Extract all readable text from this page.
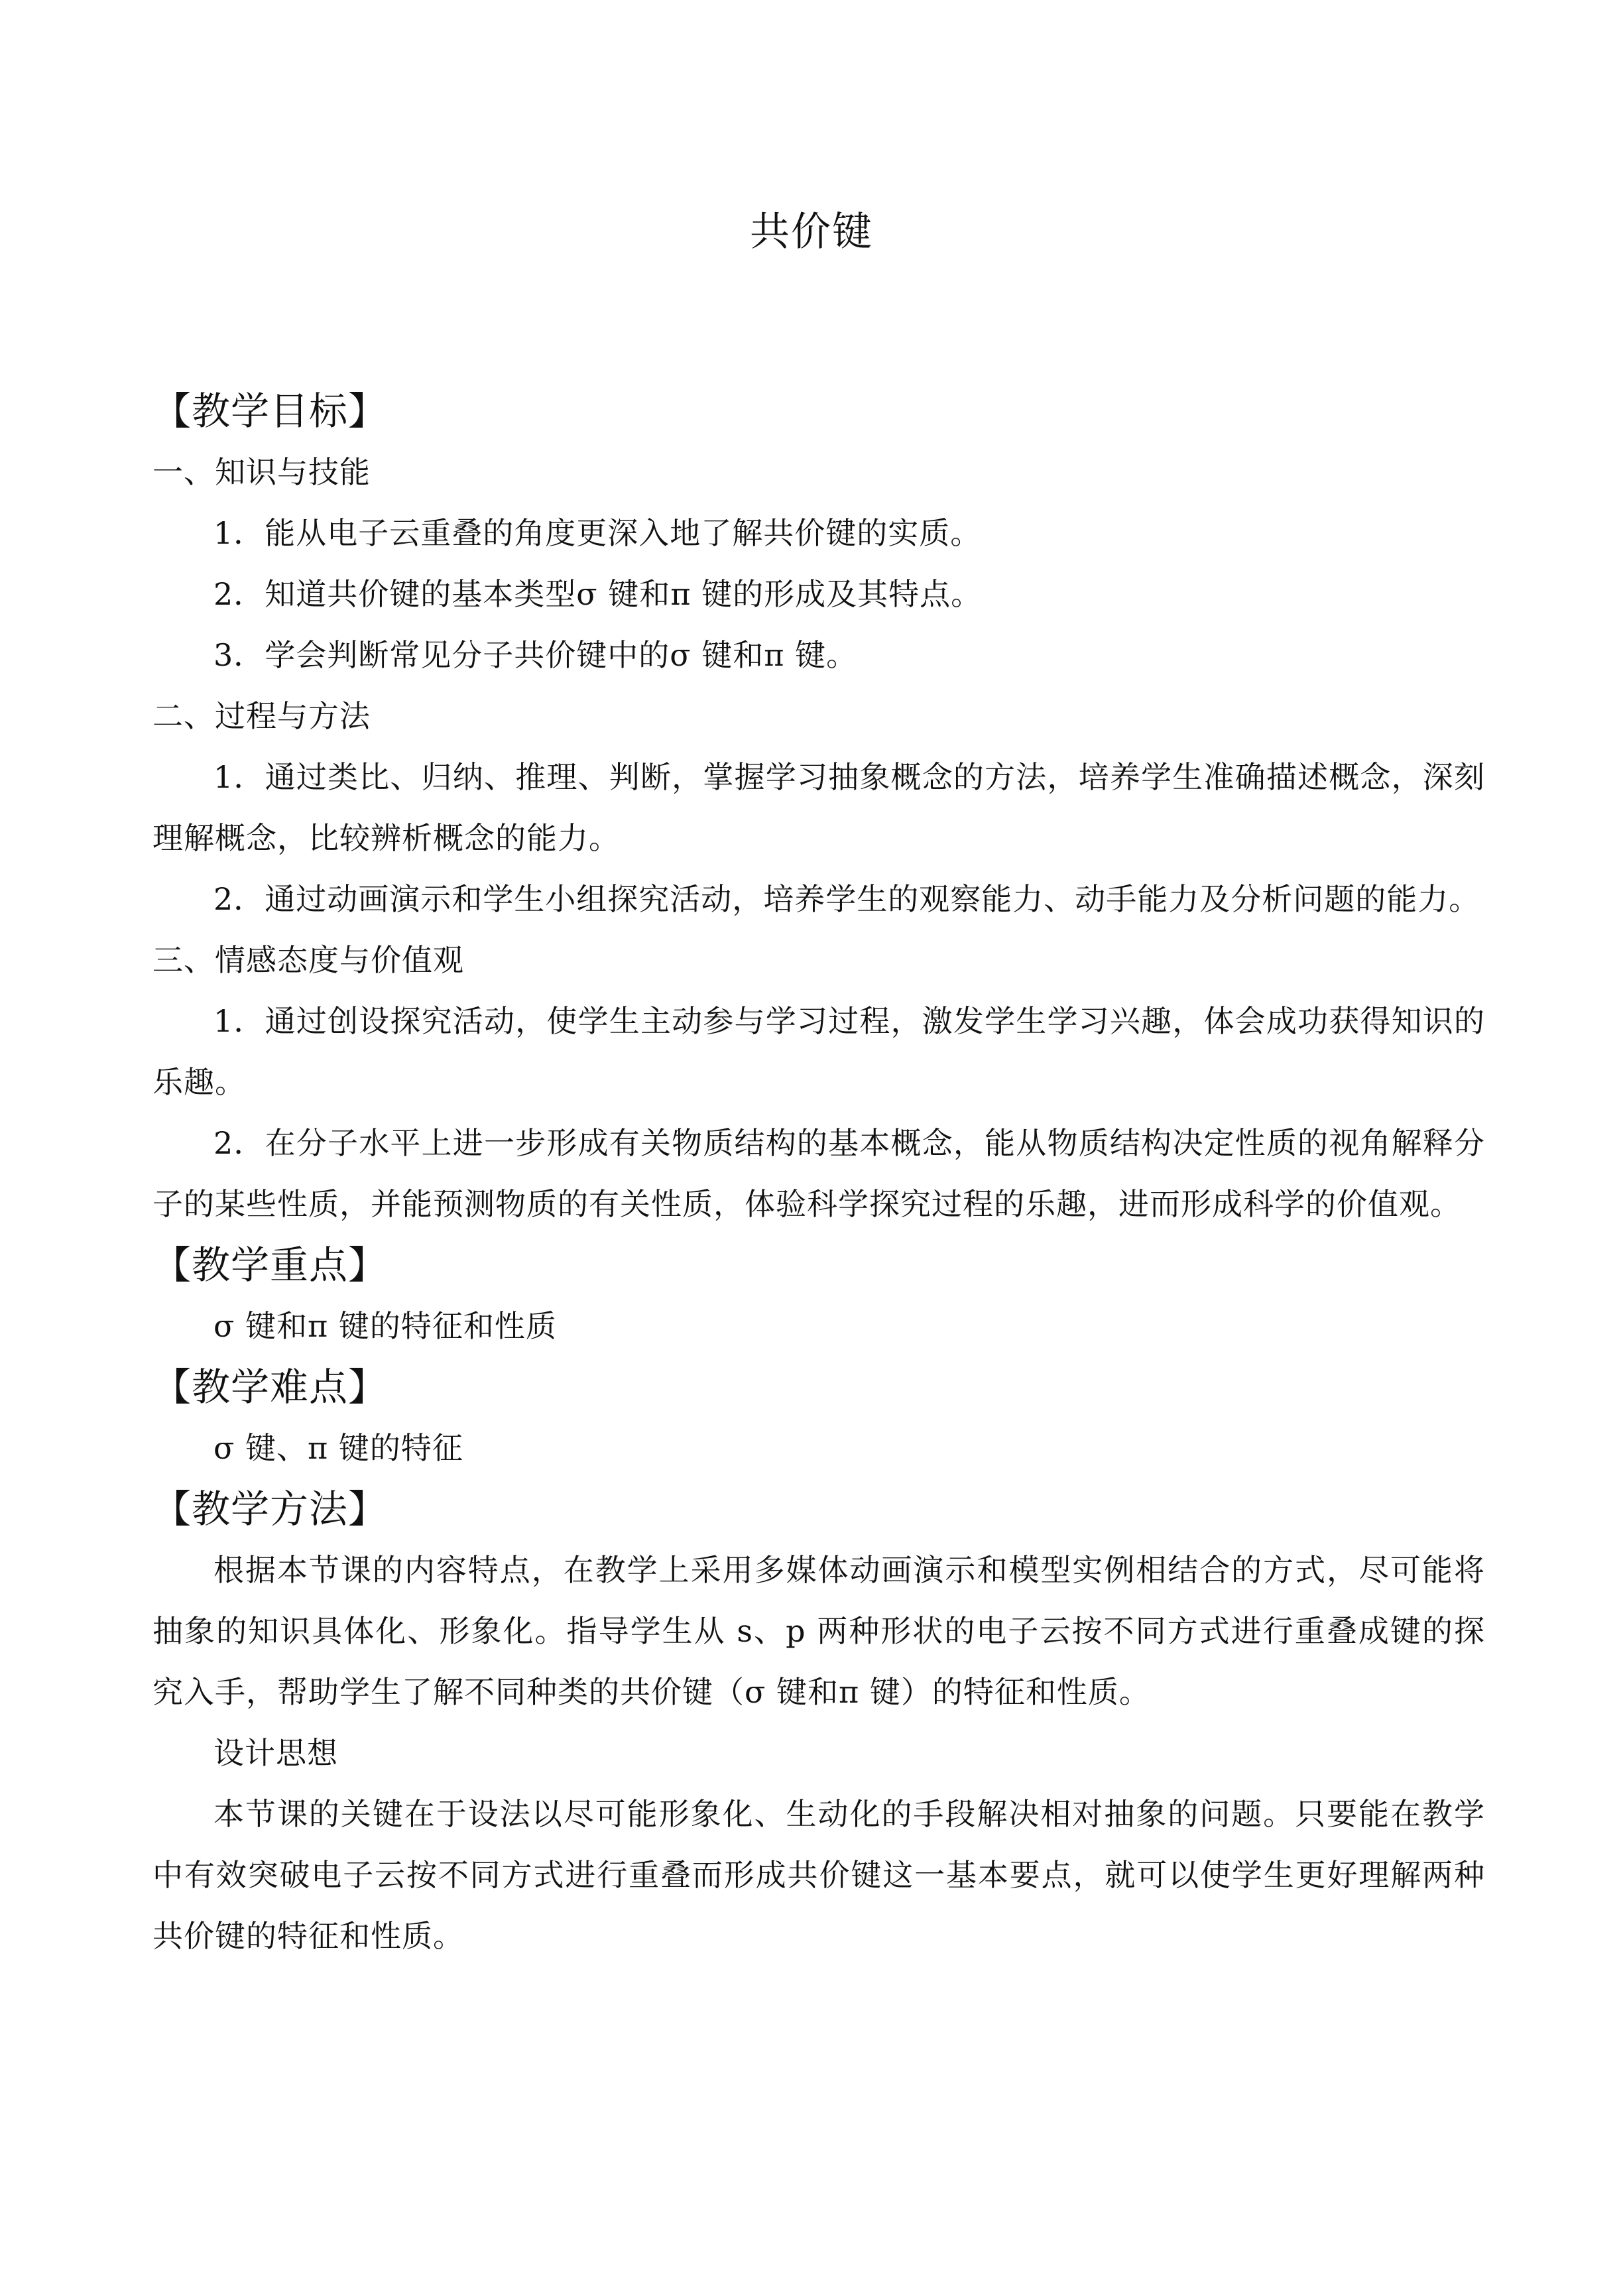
共价键
【教学目标】
一、知识与技能
1．能从电子云重叠的角度更深入地了解共价键的实质。
2．知道共价键的基本类型σ 键和π 键的形成及其特点。
3．学会判断常见分子共价键中的σ 键和π 键。
二、过程与方法
1．通过类比、归纳、推理、判断，掌握学习抽象概念的方法，培养学生准确描述概念，深刻理解概念，比较辨析概念的能力。
2．通过动画演示和学生小组探究活动，培养学生的观察能力、动手能力及分析问题的能力。
三、情感态度与价值观
1．通过创设探究活动，使学生主动参与学习过程，激发学生学习兴趣，体会成功获得知识的乐趣。
2．在分子水平上进一步形成有关物质结构的基本概念，能从物质结构决定性质的视角解释分子的某些性质，并能预测物质的有关性质，体验科学探究过程的乐趣，进而形成科学的价值观。
【教学重点】
σ 键和π 键的特征和性质
【教学难点】
σ 键、π 键的特征
【教学方法】
根据本节课的内容特点，在教学上采用多媒体动画演示和模型实例相结合的方式，尽可能将抽象的知识具体化、形象化。指导学生从 s、p 两种形状的电子云按不同方式进行重叠成键的探究入手，帮助学生了解不同种类的共价键（σ 键和π 键）的特征和性质。
设计思想
本节课的关键在于设法以尽可能形象化、生动化的手段解决相对抽象的问题。只要能在教学中有效突破电子云按不同方式进行重叠而形成共价键这一基本要点，就可以使学生更好理解两种共价键的特征和性质。
